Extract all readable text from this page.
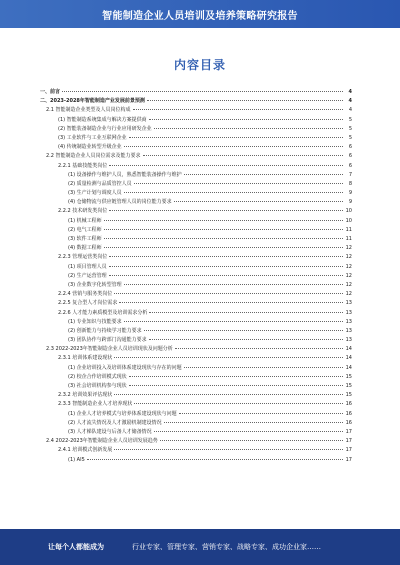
智能制造企业人员培训及培养策略研究报告
内容目录
一、前言	4
二、2023-2028年智能制造产业发展前景预测	4
2.1 智能制造企业类型及人员岗位构成	4
(1) 智能制造系统集成与解决方案提供商	5
(2) 智能装备制造企业与行业应用研发企业	5
(3) 工业软件与工业互联网企业	5
(4) 传统制造业转型升级企业	6
2.2 智能制造企业人员岗位需求及能力要求	6
2.2.1 基础技能类岗位	6
(1) 设备操作与维护人员，熟悉智能装备操作与维护	7
(2) 质量检测与品质管控人员	8
(3) 生产计划与调度人员	9
(4) 仓储物流与供应链管理人员的岗位能力要求	9
2.2.2 技术研发类岗位	10
(1) 机械工程师	10
(2) 电气工程师	11
(3) 软件工程师	11
(4) 数据工程师	12
2.2.3 管理运营类岗位	12
(1) 项目管理人员	12
(2) 生产运营管理	12
(3) 企业数字化转型管理	12
2.2.4 营销与服务类岗位	12
2.2.5 复合型人才岗位需求	13
2.2.6 人才能力素质模型及培训需求分析	13
(1) 专业知识与技能要求	13
(2) 创新能力与持续学习能力要求	13
(3) 团队协作与跨部门沟通能力要求	13
2.3 2022-2023年智能制造企业人员培训现状及问题分析	14
2.3.1 培训体系建设现状	14
(1) 企业培训投入及培训体系建设现状与存在的问题	14
(2) 校企合作培训模式现状	15
(3) 社会培训机构参与现状	15
2.3.2 培训效果评估现状	15
2.3.3 智能制造企业人才培养现状	16
(1) 企业人才培养模式与培养体系建设现状与问题	16
(2) 人才流失情况及人才激励机制建设情况	16
(3) 人才梯队建设与后备人才储备情况	17
2.4 2022-2023年智能制造企业人员培训发展趋势	17
2.4.1 培训模式创新发展	17
(1) AI5	17
让每个人都能成为	行业专家、管理专家、营销专家、战略专家、成功企业家……
